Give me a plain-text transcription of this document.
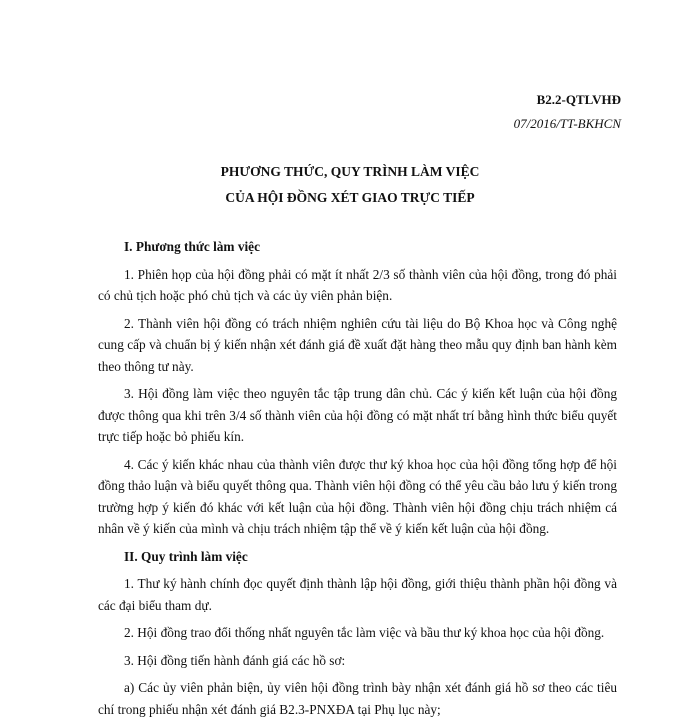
B2.2-QTLVHĐ
07/2016/TT-BKHCN
PHƯƠNG THỨC, QUY TRÌNH LÀM VIỆC
CỦA HỘI ĐỒNG XÉT GIAO TRỰC TIẾP
I. Phương thức làm việc

1. Phiên họp của hội đồng phải có mặt ít nhất 2/3 số thành viên của hội đồng, trong đó phải có chủ tịch hoặc phó chủ tịch và các ủy viên phản biện.

2. Thành viên hội đồng có trách nhiệm nghiên cứu tài liệu do Bộ Khoa học và Công nghệ cung cấp và chuẩn bị ý kiến nhận xét đánh giá đề xuất đặt hàng theo mẫu quy định ban hành kèm theo thông tư này.

3. Hội đồng làm việc theo nguyên tắc tập trung dân chủ. Các ý kiến kết luận của hội đồng được thông qua khi trên 3/4 số thành viên của hội đồng có mặt nhất trí bằng hình thức biểu quyết trực tiếp hoặc bỏ phiếu kín.

4. Các ý kiến khác nhau của thành viên được thư ký khoa học của hội đồng tổng hợp để hội đồng thảo luận và biểu quyết thông qua. Thành viên hội đồng có thể yêu cầu bảo lưu ý kiến trong trường hợp ý kiến đó khác với kết luận của hội đồng. Thành viên hội đồng chịu trách nhiệm cá nhân về ý kiến của mình và chịu trách nhiệm tập thể về ý kiến kết luận của hội đồng.

II. Quy trình làm việc

1. Thư ký hành chính đọc quyết định thành lập hội đồng, giới thiệu thành phần hội đồng và các đại biểu tham dự.

2. Hội đồng trao đổi thống nhất nguyên tắc làm việc và bầu thư ký khoa học của hội đồng.

3. Hội đồng tiến hành đánh giá các hồ sơ:

a) Các ủy viên phản biện, ủy viên hội đồng trình bày nhận xét đánh giá hồ sơ theo các tiêu chí trong phiếu nhận xét đánh giá B2.3-PNXĐA tại Phụ lục này;
